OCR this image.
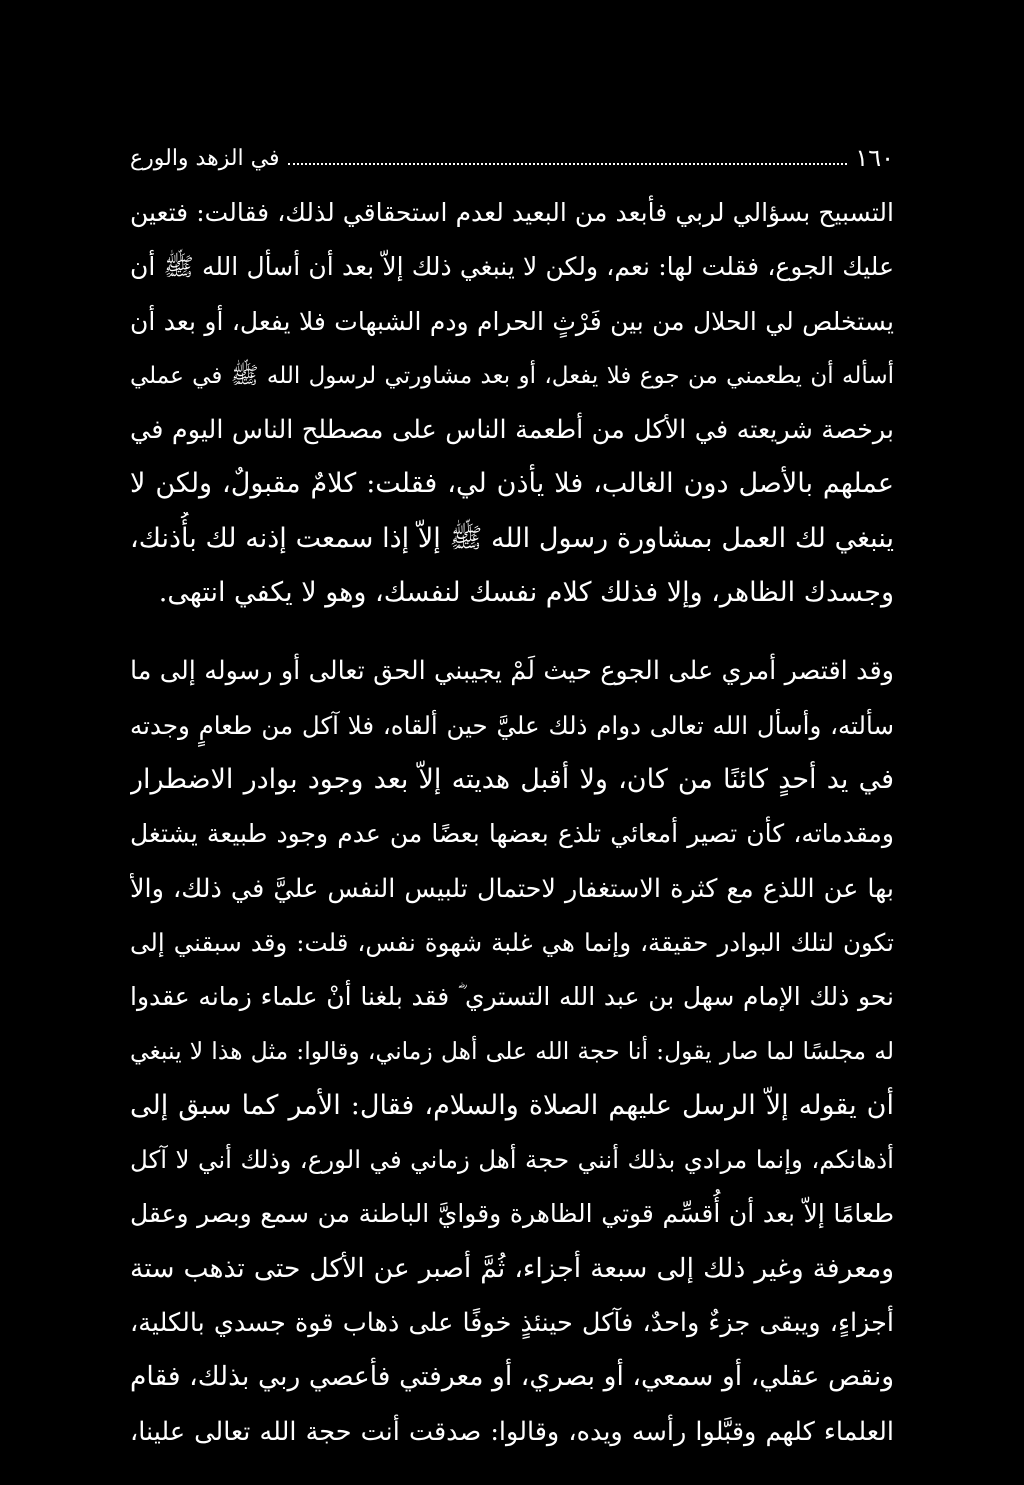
١٦٠
في الزهد والورع
التسبيح بسؤالي لربي فأبعد من البعيد لعدم استحقاقي لذلك، فقالت: فتعين
عليك الجوع، فقلت لها: نعم، ولكن لا ينبغي ذلك إلاّ بعد أن أسأل الله ﷺ أن
يستخلص لي الحلال من بين فَرْثٍ الحرام ودم الشبهات فلا يفعل، أو بعد أن
أسأله أن يطعمني من جوع فلا يفعل، أو بعد مشاورتي لرسول الله ﷺ في عملي
برخصة شريعته في الأكل من أطعمة الناس على مصطلح الناس اليوم في
عملهم بالأصل دون الغالب، فلا يأذن لي، فقلت: كلامٌ مقبولٌ، ولكن لا
ينبغي لك العمل بمشاورة رسول الله ﷺ إلاّ إذا سمعت إذنه لك بأُذنك،
وجسدك الظاهر، وإلا فذلك كلام نفسك لنفسك، وهو لا يكفي انتهى.
وقد اقتصر أمري على الجوع حيث لَمْ يجيبني الحق تعالى أو رسوله إلى ما
سألته، وأسأل الله تعالى دوام ذلك عليَّ حين ألقاه، فلا آكل من طعامٍ وجدته
في يد أحدٍ كائنًا من كان، ولا أقبل هديته إلاّ بعد وجود بوادر الاضطرار
ومقدماته، كأن تصير أمعائي تلذع بعضها بعضًا من عدم وجود طبيعة يشتغل
بها عن اللذع مع كثرة الاستغفار لاحتمال تلبيس النفس عليَّ في ذلك، والأ
تكون لتلك البوادر حقيقة، وإنما هي غلبة شهوة نفس، قلت: وقد سبقني إلى
نحو ذلك الإمام سهل بن عبد الله التستري ؓ فقد بلغنا أنْ علماء زمانه عقدوا
له مجلسًا لما صار يقول: أنا حجة الله على أهل زماني، وقالوا: مثل هذا لا ينبغي
أن يقوله إلاّ الرسل عليهم الصلاة والسلام، فقال: الأمر كما سبق إلى
أذهانكم، وإنما مرادي بذلك أنني حجة أهل زماني في الورع، وذلك أني لا آكل
طعامًا إلاّ بعد أن أُقسِّم قوتي الظاهرة وقوايَّ الباطنة من سمع وبصر وعقل
ومعرفة وغير ذلك إلى سبعة أجزاء، ثُمَّ أصبر عن الأكل حتى تذهب ستة
أجزاءٍ، ويبقى جزءٌ واحدٌ، فآكل حينئذٍ خوفًا على ذهاب قوة جسدي بالكلية،
ونقص عقلي، أو سمعي، أو بصري، أو معرفتي فأعصي ربي بذلك، فقام
العلماء كلهم وقبَّلوا رأسه ويده، وقالوا: صدقت أنت حجة الله تعالى علينا،
